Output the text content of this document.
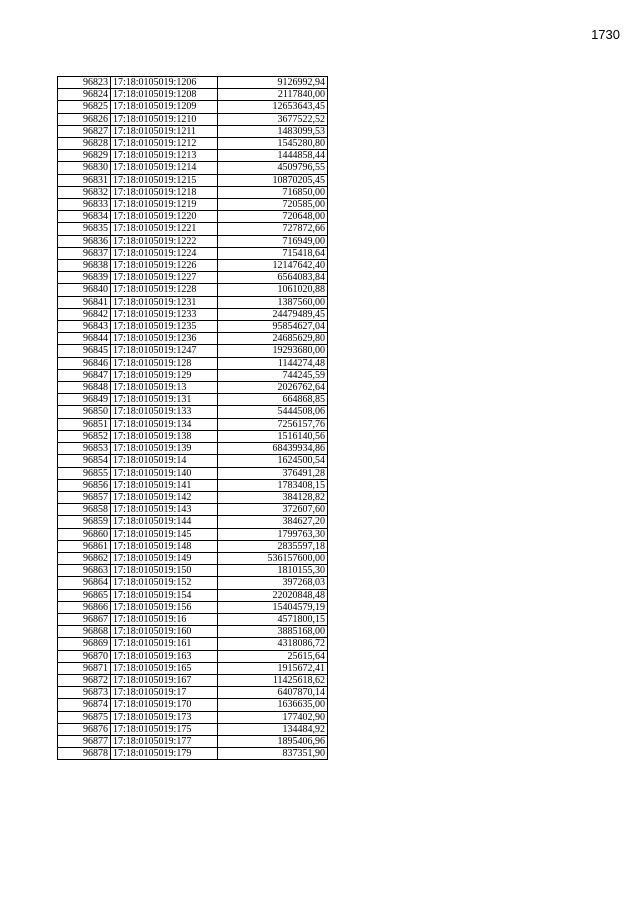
1730
96823	17:18:0105019:1206	9126992,94
96824	17:18:0105019:1208	2117840,00
96825	17:18:0105019:1209	12653643,45
96826	17:18:0105019:1210	3677522,52
96827	17:18:0105019:1211	1483099,53
96828	17:18:0105019:1212	1545280,80
96829	17:18:0105019:1213	1444858,44
96830	17:18:0105019:1214	4509796,55
96831	17:18:0105019:1215	10870205,45
96832	17:18:0105019:1218	716850,00
96833	17:18:0105019:1219	720585,00
96834	17:18:0105019:1220	720648,00
96835	17:18:0105019:1221	727872,66
96836	17:18:0105019:1222	716949,00
96837	17:18:0105019:1224	715418,64
96838	17:18:0105019:1226	12147642,40
96839	17:18:0105019:1227	6564083,84
96840	17:18:0105019:1228	1061020,88
96841	17:18:0105019:1231	1387560,00
96842	17:18:0105019:1233	24479489,45
96843	17:18:0105019:1235	95854627,04
96844	17:18:0105019:1236	24685629,80
96845	17:18:0105019:1247	19293680,00
96846	17:18:0105019:128	1144274,48
96847	17:18:0105019:129	744245,59
96848	17:18:0105019:13	2026762,64
96849	17:18:0105019:131	664868,85
96850	17:18:0105019:133	5444508,06
96851	17:18:0105019:134	7256157,76
96852	17:18:0105019:138	1516140,56
96853	17:18:0105019:139	68439934,86
96854	17:18:0105019:14	1624500,54
96855	17:18:0105019:140	376491,28
96856	17:18:0105019:141	1783408,15
96857	17:18:0105019:142	384128,82
96858	17:18:0105019:143	372607,60
96859	17:18:0105019:144	384627,20
96860	17:18:0105019:145	1799763,30
96861	17:18:0105019:148	2835597,18
96862	17:18:0105019:149	536157600,00
96863	17:18:0105019:150	1810155,30
96864	17:18:0105019:152	397268,03
96865	17:18:0105019:154	22020848,48
96866	17:18:0105019:156	15404579,19
96867	17:18:0105019:16	4571800,15
96868	17:18:0105019:160	3885168,00
96869	17:18:0105019:161	4318086,72
96870	17:18:0105019:163	25615,64
96871	17:18:0105019:165	1915672,41
96872	17:18:0105019:167	11425618,62
96873	17:18:0105019:17	6407870,14
96874	17:18:0105019:170	1636635,00
96875	17:18:0105019:173	177402,90
96876	17:18:0105019:175	134484,92
96877	17:18:0105019:177	1895406,96
96878	17:18:0105019:179	837351,90
